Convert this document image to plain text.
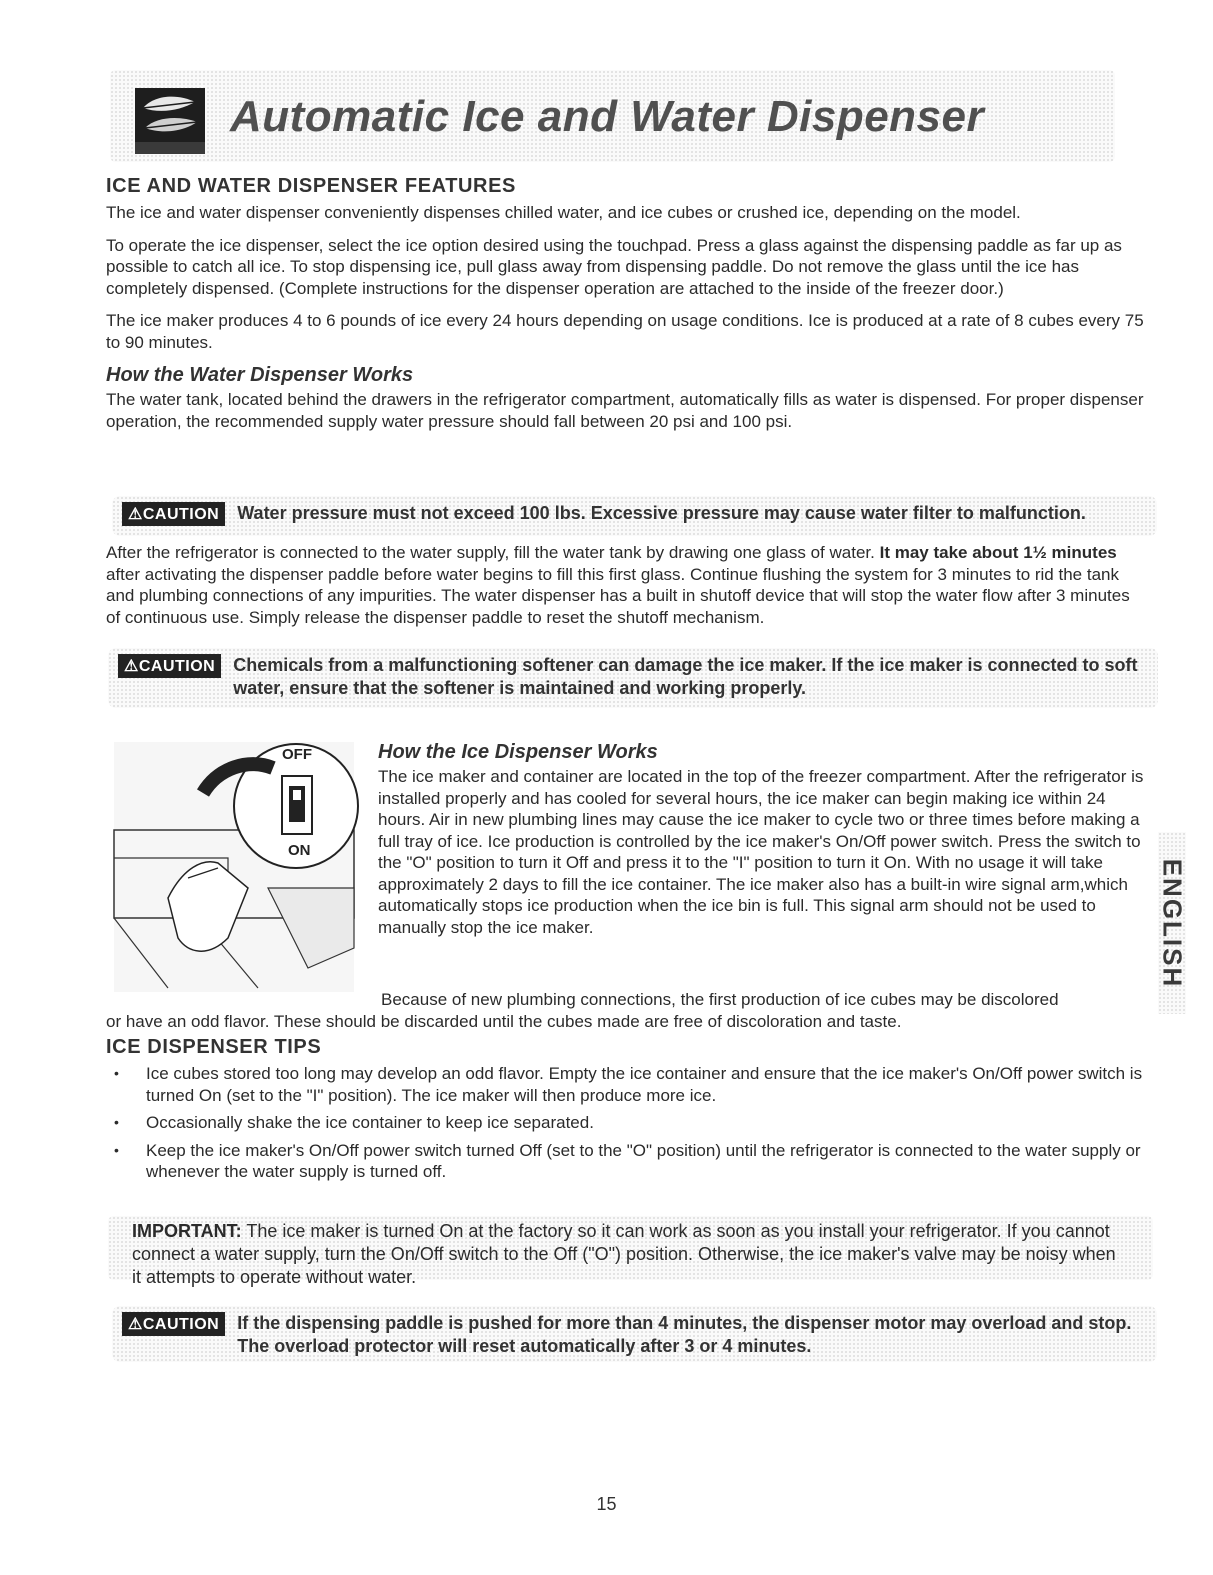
Automatic Ice and Water Dispenser
ICE AND WATER DISPENSER FEATURES

The ice and water dispenser conveniently dispenses chilled water, and ice cubes or crushed ice, depending on the model.

To operate the ice dispenser, select the ice option desired using the touchpad. Press a glass against the dispensing paddle as far up as possible to catch all ice. To stop dispensing ice, pull glass away from dispensing paddle. Do not remove the glass until the ice has completely dispensed. (Complete instructions for the dispenser operation are attached to the inside of the freezer door.)

The ice maker produces 4 to 6 pounds of ice every 24 hours depending on usage conditions. Ice is produced at a rate of 8 cubes every 75 to 90 minutes.

How the Water Dispenser Works

The water tank, located behind the drawers in the refrigerator compartment, automatically fills as water is dispensed. For proper dispenser operation, the recommended supply water pressure should fall between 20 psi and 100 psi.

⚠CAUTION	Water pressure must not exceed 100 lbs. Excessive pressure may cause water filter to malfunction.

After the refrigerator is connected to the water supply, fill the water tank by drawing one glass of water. It may take about 1½ minutes after activating the dispenser paddle before water begins to fill this first glass. Continue flushing the system for 3 minutes to rid the tank and plumbing connections of any impurities. The water dispenser has a built in shutoff device that will stop the water flow after 3 minutes of continuous use. Simply release the dispenser paddle to reset the shutoff mechanism.

⚠CAUTION	Chemicals from a malfunctioning softener can damage the ice maker. If the ice maker is connected to soft water, ensure that the softener is maintained and working properly.
OFF
ON
How the Ice Dispenser Works

The ice maker and container are located in the top of the freezer compartment. After the refrigerator is installed properly and has cooled for several hours, the ice maker can begin making ice within 24 hours. Air in new plumbing lines may cause the ice maker to cycle two or three times before making a full tray of ice. Ice production is controlled by the ice maker's On/Off power switch. Press the switch to the "O" position to turn it Off and press it to the "I" position to turn it On. With no usage it will take approximately 2 days to fill the ice container. The ice maker also has a built-in wire signal arm,which automatically stops ice production when the ice bin is full. This signal arm should not be used to manually stop the ice maker.

Because of new plumbing connections, the first production of ice cubes may be discolored
or have an odd flavor. These should be discarded until the cubes made are free of discoloration and taste.
ENGLISH
ICE DISPENSER TIPS
• Ice cubes stored too long may develop an odd flavor. Empty the ice container and ensure that the ice maker's On/Off power switch is turned On (set to the "I" position). The ice maker will then produce more ice.
• Occasionally shake the ice container to keep ice separated.
• Keep the ice maker's On/Off power switch turned Off (set to the "O" position) until the refrigerator is connected to the water supply or whenever the water supply is turned off.
IMPORTANT: The ice maker is turned On at the factory so it can work as soon as you install your refrigerator. If you cannot connect a water supply, turn the On/Off switch to the Off ("O") position. Otherwise, the ice maker's valve may be noisy when it attempts to operate without water.
⚠CAUTION	If the dispensing paddle is pushed for more than 4 minutes, the dispenser motor may overload and stop. The overload protector will reset automatically after 3 or 4 minutes.
15
